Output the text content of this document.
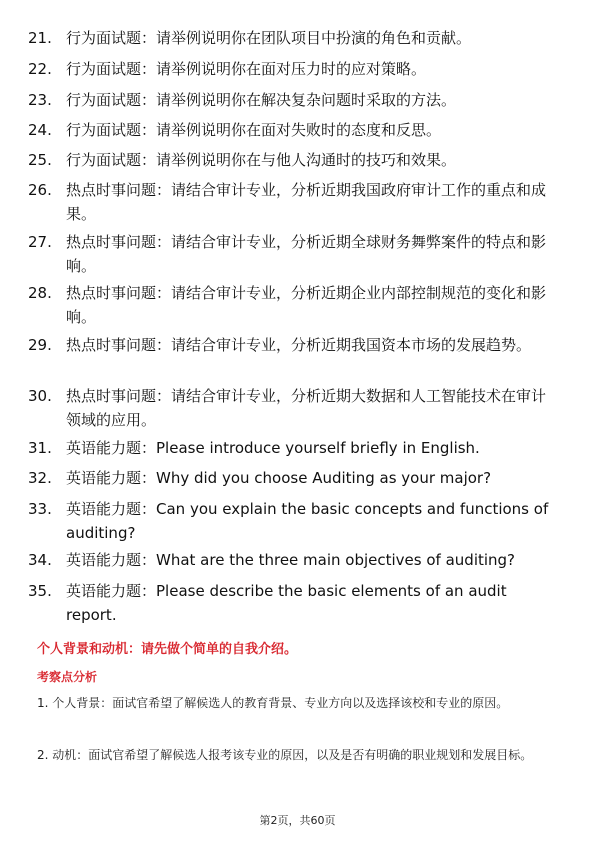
21. 行为面试题：请举例说明你在团队项目中扮演的角色和贡献。
22. 行为面试题：请举例说明你在面对压力时的应对策略。
23. 行为面试题：请举例说明你在解决复杂问题时采取的方法。
24. 行为面试题：请举例说明你在面对失败时的态度和反思。
25. 行为面试题：请举例说明你在与他人沟通时的技巧和效果。
26. 热点时事问题：请结合审计专业，分析近期我国政府审计工作的重点和成果。
27. 热点时事问题：请结合审计专业，分析近期全球财务舞弊案件的特点和影响。
28. 热点时事问题：请结合审计专业，分析近期企业内部控制规范的变化和影响。
29. 热点时事问题：请结合审计专业，分析近期我国资本市场的发展趋势。
30. 热点时事问题：请结合审计专业，分析近期大数据和人工智能技术在审计领域的应用。
31. 英语能力题：Please introduce yourself briefly in English.
32. 英语能力题：Why did you choose Auditing as your major?
33. 英语能力题：Can you explain the basic concepts and functions of auditing?
34. 英语能力题：What are the three main objectives of auditing?
35. 英语能力题：Please describe the basic elements of an audit report.
个人背景和动机：请先做个简单的自我介绍。
考察点分析
1. 个人背景：面试官希望了解候选人的教育背景、专业方向以及选择该校和专业的原因。
2. 动机：面试官希望了解候选人报考该专业的原因，以及是否有明确的职业规划和发展目标。
第2页，共60页
